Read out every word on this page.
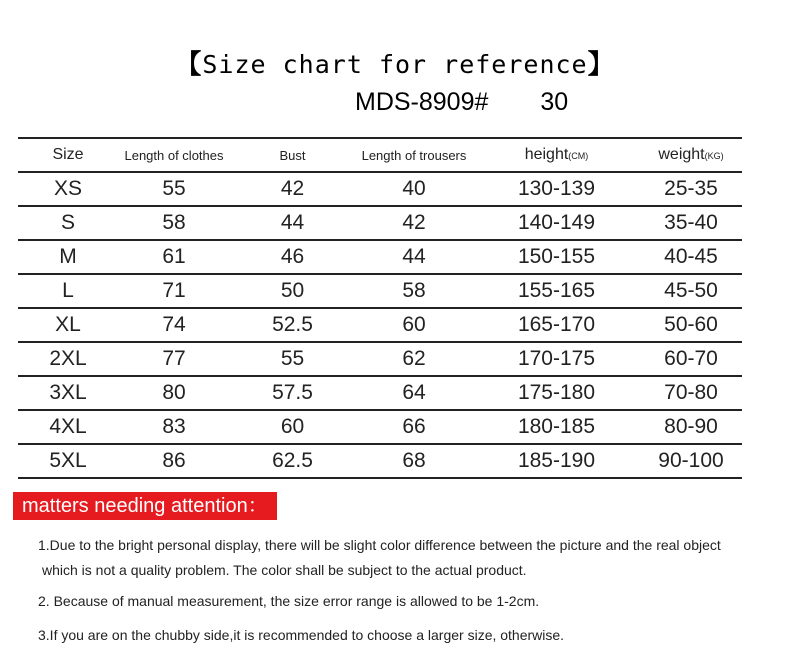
【Size chart for reference】
MDS-8909# 30
Size	Length of clothes	Bust	Length of trousers	height(CM)	weight(KG)
XS	55	42	40	130-139	25-35
S	58	44	42	140-149	35-40
M	61	46	44	150-155	40-45
L	71	50	58	155-165	45-50
XL	74	52.5	60	165-170	50-60
2XL	77	55	62	170-175	60-70
3XL	80	57.5	64	175-180	70-80
4XL	83	60	66	180-185	80-90
5XL	86	62.5	68	185-190	90-100
matters needing attention：

1.Due to the bright personal display, there will be slight color difference between the picture and the real object
which is not a quality problem. The color shall be subject to the actual product.

2. Because of manual measurement, the size error range is allowed to be 1-2cm.

3.If you are on the chubby side,it is recommended to choose a larger size, otherwise.
